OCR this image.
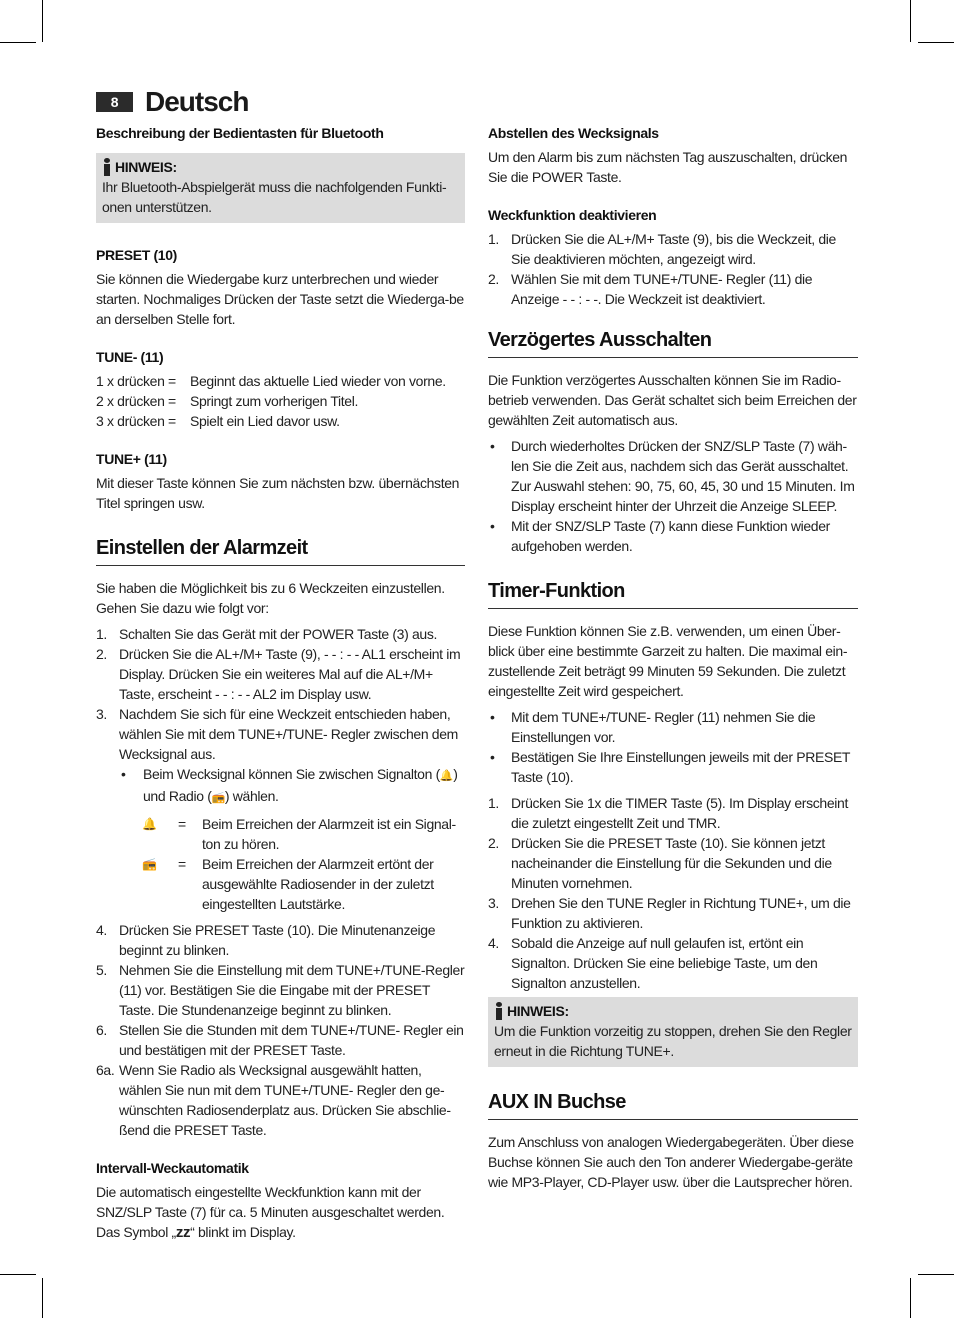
8 Deutsch
Beschreibung der Bedientasten für Bluetooth
HINWEIS:

Ihr Bluetooth-Abspielgerät muss die nachfolgenden Funkti-onen unterstützen.

PRESET (10)

Sie können die Wiedergabe kurz unterbrechen und wieder starten. Nochmaliges Drücken der Taste setzt die Wiederga-be an derselben Stelle fort.

TUNE- (11)
1 x drücken =	Beginnt das aktuelle Lied wieder von vorne.
2 x drücken =	Springt zum vorherigen Titel.
3 x drücken =	Spielt ein Lied davor usw.
TUNE+ (11)

Mit dieser Taste können Sie zum nächsten bzw. übernächsten Titel springen usw.

Einstellen der Alarmzeit

Sie haben die Möglichkeit bis zu 6 Weckzeiten einzustellen. Gehen Sie dazu wie folgt vor:

1. Schalten Sie das Gerät mit der POWER Taste (3) aus.
2. Drücken Sie die AL+/M+ Taste (9), - - : - - AL1 erscheint im Display. Drücken Sie ein weiteres Mal auf die AL+/M+ Taste, erscheint - - : - - AL2 im Display usw.
3. Nachdem Sie sich für eine Weckzeit entschieden haben, wählen Sie mit dem TUNE+/TUNE- Regler zwischen dem Wecksignal aus.
• Beim Wecksignal können Sie zwischen Signalton (🔔) und Radio (📻) wählen.
🔔	=	Beim Erreichen der Alarmzeit ist ein Signal-ton zu hören.
📻	=	Beim Erreichen der Alarmzeit ertönt der ausgewählte Radiosender in der zuletzt eingestellten Lautstärke.
4. Drücken Sie PRESET Taste (10). Die Minutenanzeige beginnt zu blinken.
5. Nehmen Sie die Einstellung mit dem TUNE+/TUNE-Regler (11) vor. Bestätigen Sie die Eingabe mit der PRESET Taste. Die Stundenanzeige beginnt zu blinken.
6. Stellen Sie die Stunden mit dem TUNE+/TUNE- Regler ein und bestätigen mit der PRESET Taste.
6a. Wenn Sie Radio als Wecksignal ausgewählt hatten, wählen Sie nun mit dem TUNE+/TUNE- Regler den ge-wünschten Radiosenderplatz aus. Drücken Sie abschlie-ßend die PRESET Taste.
Intervall-Weckautomatik

Die automatisch eingestellte Weckfunktion kann mit der SNZ/SLP Taste (7) für ca. 5 Minuten ausgeschaltet werden. Das Symbol „zz“ blinkt im Display.

Abstellen des Wecksignals

Um den Alarm bis zum nächsten Tag auszuschalten, drücken Sie die POWER Taste.

Weckfunktion deaktivieren
1. Drücken Sie die AL+/M+ Taste (9), bis die Weckzeit, die Sie deaktivieren möchten, angezeigt wird.
2. Wählen Sie mit dem TUNE+/TUNE- Regler (11) die Anzeige - - : - -. Die Weckzeit ist deaktiviert.
Verzögertes Ausschalten

Die Funktion verzögertes Ausschalten können Sie im Radio-betrieb verwenden. Das Gerät schaltet sich beim Erreichen der gewählten Zeit automatisch aus.

• Durch wiederholtes Drücken der SNZ/SLP Taste (7) wäh-len Sie die Zeit aus, nachdem sich das Gerät ausschaltet. Zur Auswahl stehen: 90, 75, 60, 45, 30 und 15 Minuten. Im Display erscheint hinter der Uhrzeit die Anzeige SLEEP.
• Mit der SNZ/SLP Taste (7) kann diese Funktion wieder aufgehoben werden.
Timer-Funktion

Diese Funktion können Sie z.B. verwenden, um einen Über-blick über eine bestimmte Garzeit zu halten. Die maximal ein-zustellende Zeit beträgt 99 Minuten 59 Sekunden. Die zuletzt eingestellte Zeit wird gespeichert.

• Mit dem TUNE+/TUNE- Regler (11) nehmen Sie die Einstellungen vor.
• Bestätigen Sie Ihre Einstellungen jeweils mit der PRESET Taste (10).
1. Drücken Sie 1x die TIMER Taste (5). Im Display erscheint die zuletzt eingestellt Zeit und TMR.
2. Drücken Sie die PRESET Taste (10). Sie können jetzt nacheinander die Einstellung für die Sekunden und die Minuten vornehmen.
3. Drehen Sie den TUNE Regler in Richtung TUNE+, um die Funktion zu aktivieren.
4. Sobald die Anzeige auf null gelaufen ist, ertönt ein Signalton. Drücken Sie eine beliebige Taste, um den Signalton anzustellen.
HINWEIS:

Um die Funktion vorzeitig zu stoppen, drehen Sie den Regler erneut in die Richtung TUNE+.

AUX IN Buchse

Zum Anschluss von analogen Wiedergabegeräten. Über diese Buchse können Sie auch den Ton anderer Wiedergabe-geräte wie MP3-Player, CD-Player usw. über die Lautsprecher hören.
